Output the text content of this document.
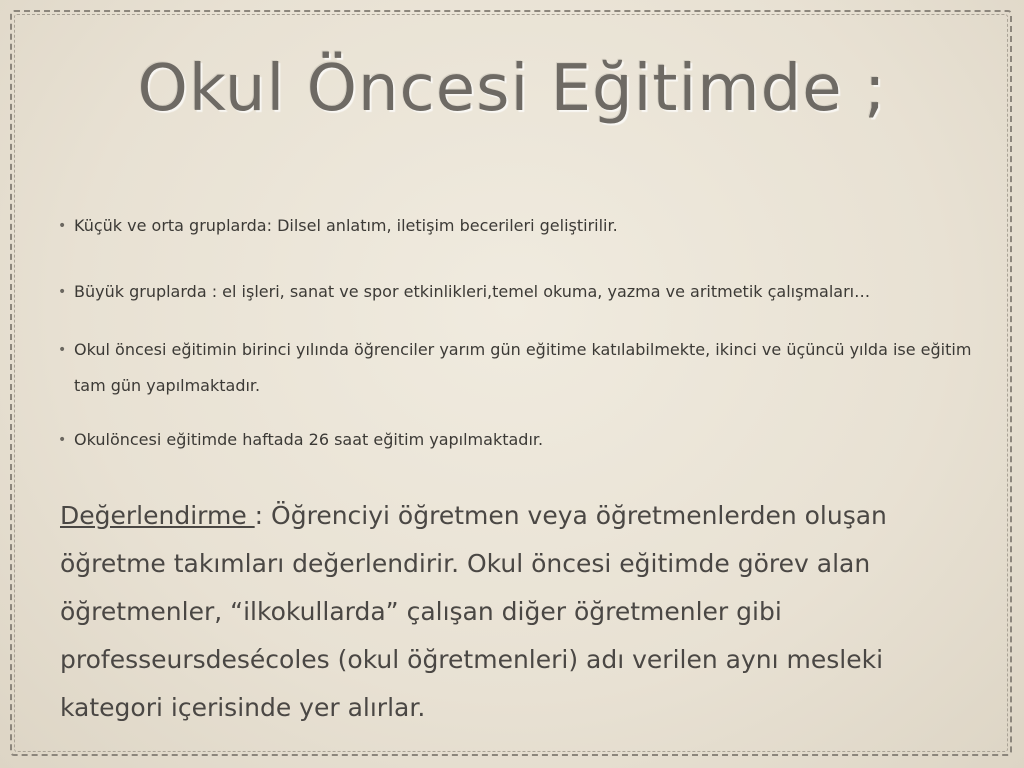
Okul Öncesi Eğitimde ;
• Küçük ve orta gruplarda: Dilsel anlatım, iletişim becerileri geliştirilir.
• Büyük gruplarda : el işleri, sanat ve spor etkinlikleri,temel okuma, yazma ve aritmetik çalışmaları…
• Okul öncesi eğitimin birinci yılında öğrenciler yarım gün eğitime katılabilmekte, ikinci ve üçüncü yılda ise eğitim tam gün yapılmaktadır.
• Okulöncesi eğitimde haftada 26 saat eğitim yapılmaktadır.
Değerlendirme : Öğrenciyi öğretmen veya öğretmenlerden oluşan öğretme takımları değerlendirir. Okul öncesi eğitimde görev alan öğretmenler, “ilkokullarda” çalışan diğer öğretmenler gibi professeursdesécoles (okul öğretmenleri) adı verilen aynı mesleki kategori içerisinde yer alırlar.
